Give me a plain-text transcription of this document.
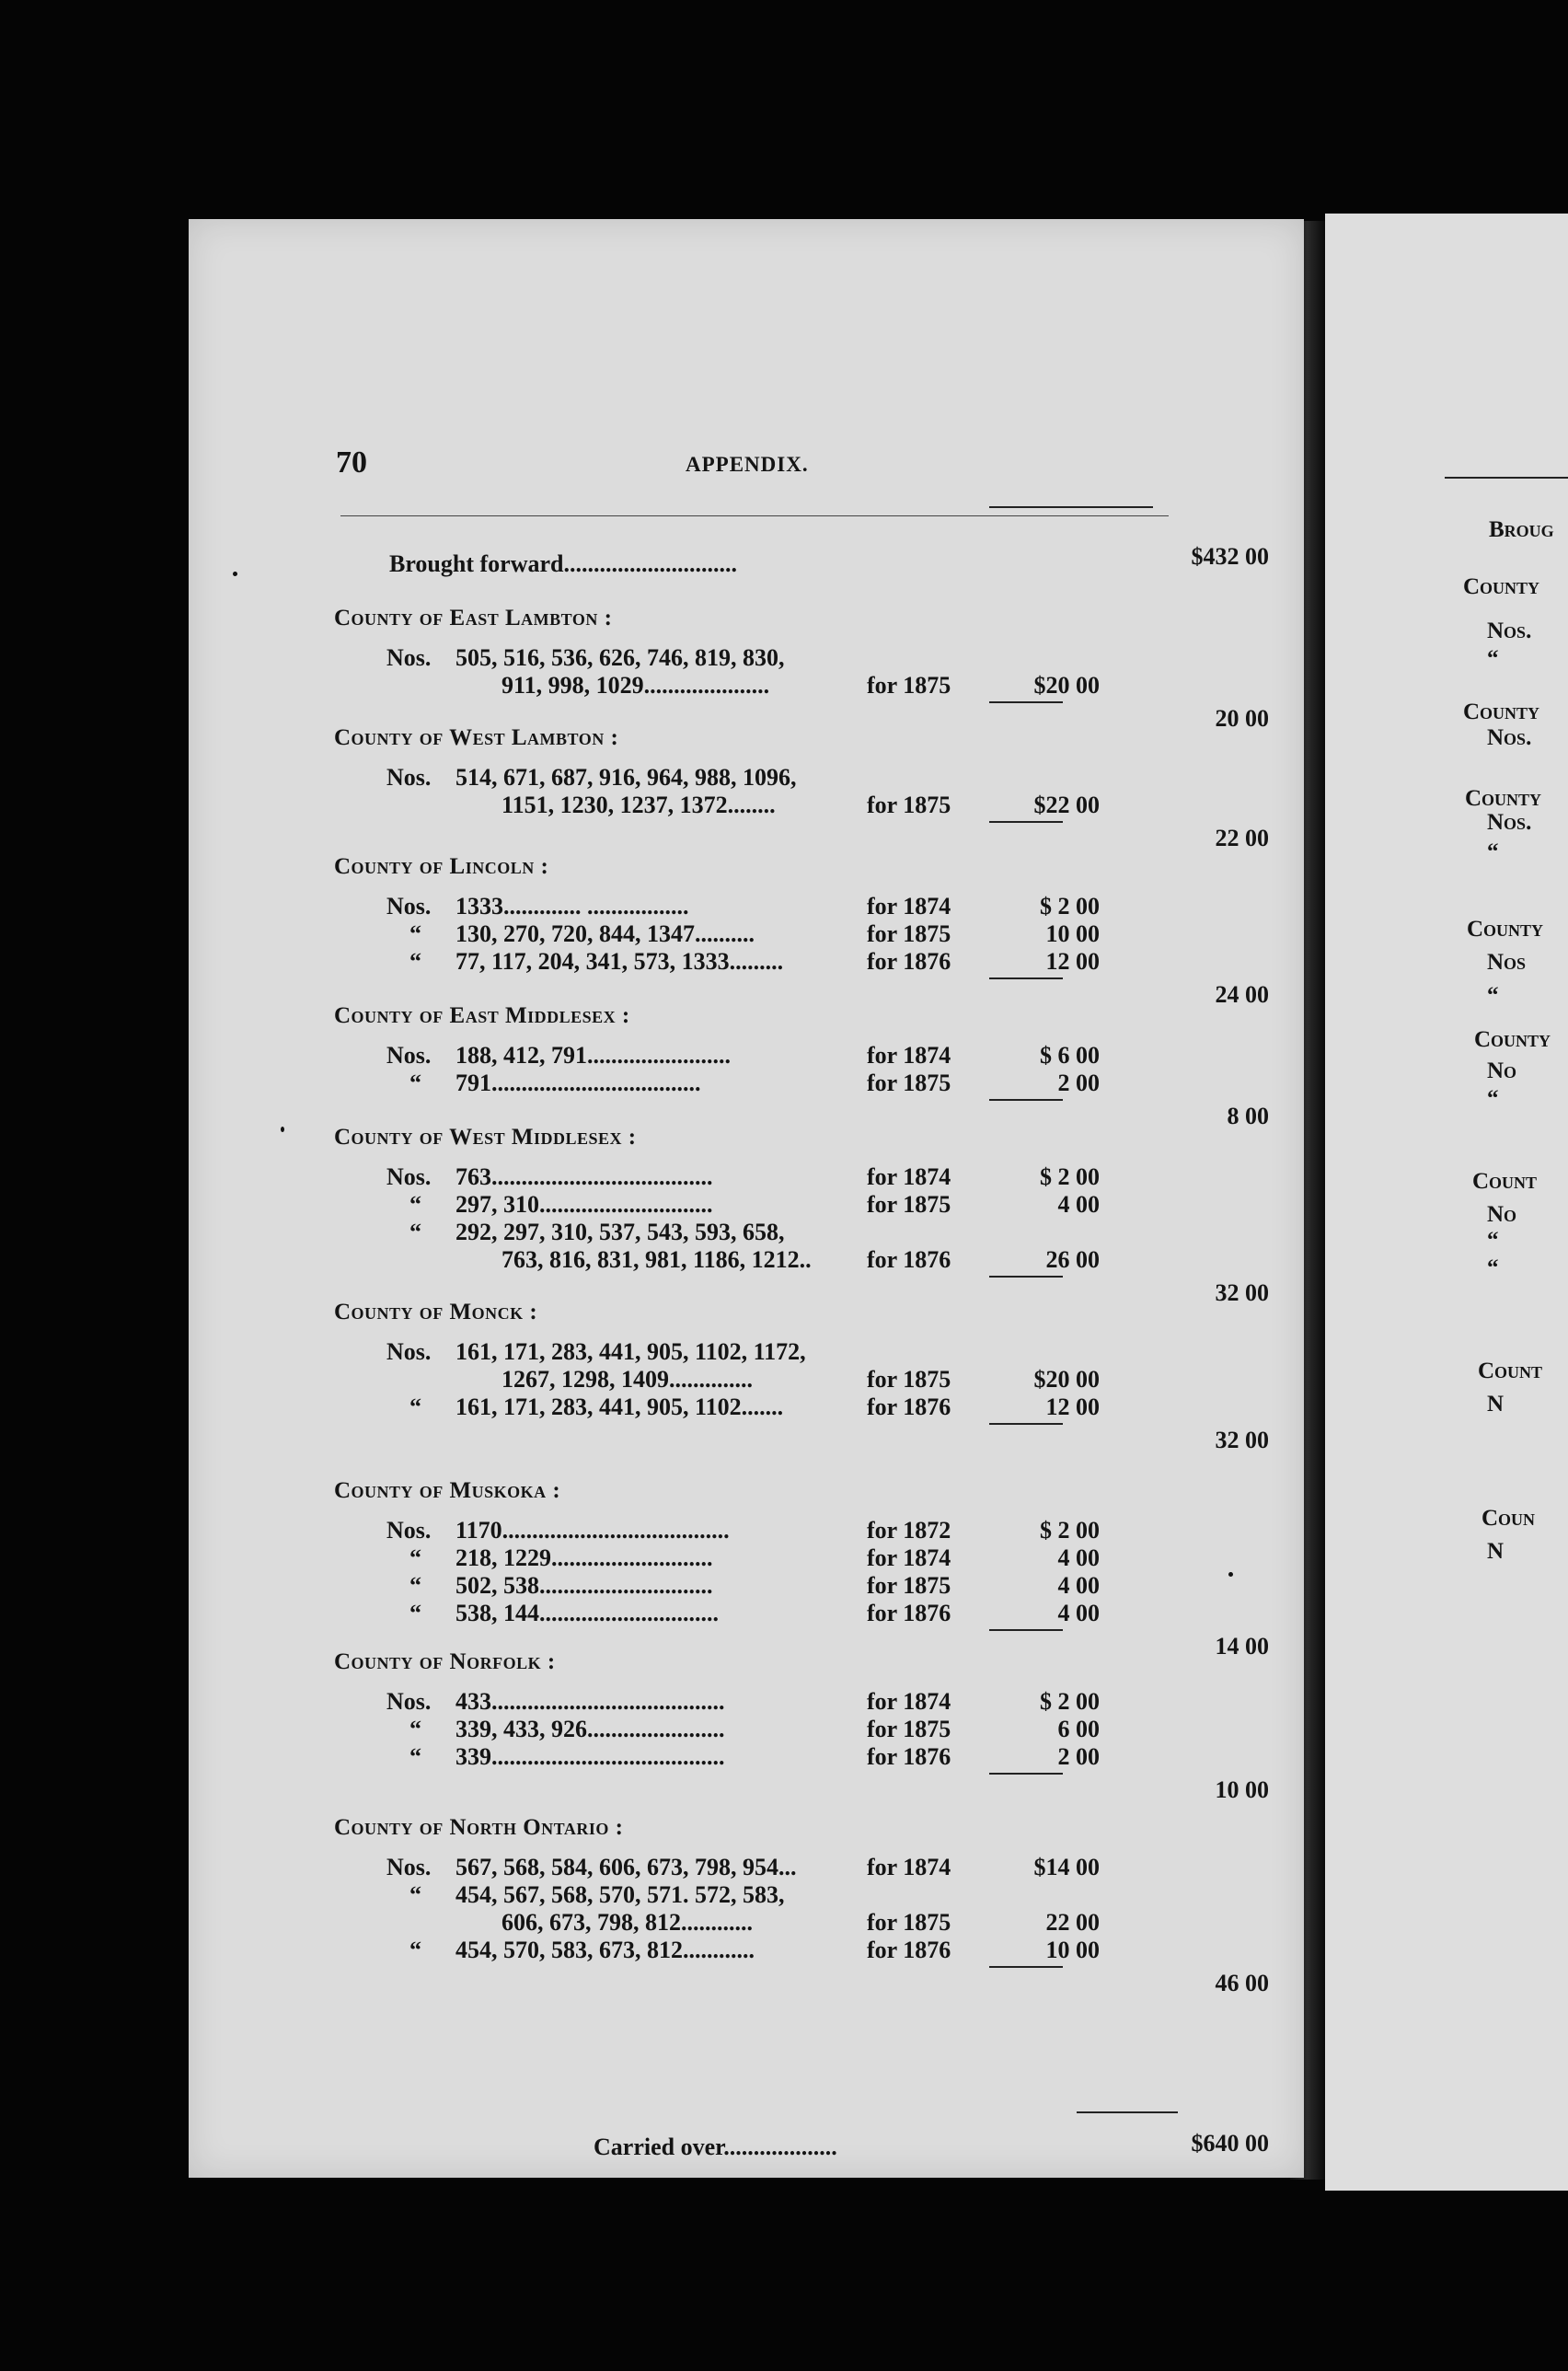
Broug
County
Nos.
“
County
Nos.
County
Nos.
“
County
Nos
“
County
No
“
Count
No
“
“
Count
N
Coun
N
70	APPENDIX.
Brought forward.............................	$432 00
County of East Lambton :
Nos. 505, 516, 536, 626, 746, 819, 830,
911, 998, 1029.....................	for 1875	$20 00
20 00
County of West Lambton :
Nos. 514, 671, 687, 916, 964, 988, 1096,
1151, 1230, 1237, 1372........	for 1875	$22 00
22 00
County of Lincoln :
Nos. 1333............. .................	for 1874	$ 2 00
“ 130, 270, 720, 844, 1347..........	for 1875	10 00
“ 77, 117, 204, 341, 573, 1333.........	for 1876	12 00
24 00
County of East Middlesex :
Nos. 188, 412, 791........................	for 1874	$ 6 00
“ 791...................................	for 1875	2 00
8 00
County of West Middlesex :
Nos. 763.....................................	for 1874	$ 2 00
“ 297, 310.............................	for 1875	4 00
“ 292, 297, 310, 537, 543, 593, 658,
763, 816, 831, 981, 1186, 1212.. for 1876	26 00
32 00
County of Monck :
Nos. 161, 171, 283, 441, 905, 1102, 1172,
1267, 1298, 1409..............	for 1875	$20 00
“ 161, 171, 283, 441, 905, 1102.......	for 1876	12 00
32 00
County of Muskoka :
Nos. 1170......................................	for 1872	$ 2 00
“ 218, 1229...........................	for 1874	4 00
“ 502, 538.............................	for 1875	4 00
“ 538, 144..............................	for 1876	4 00
14 00
County of Norfolk :
Nos. 433.......................................	for 1874	$ 2 00
“ 339, 433, 926.......................	for 1875	6 00
“ 339.......................................	for 1876	2 00
10 00
County of North Ontario :
Nos. 567, 568, 584, 606, 673, 798, 954...	for 1874	$14 00
“ 454, 567, 568, 570, 571. 572, 583,
606, 673, 798, 812............	for 1875	22 00
“ 454, 570, 583, 673, 812............	for 1876	10 00
46 00
Carried over...................	$640 00
